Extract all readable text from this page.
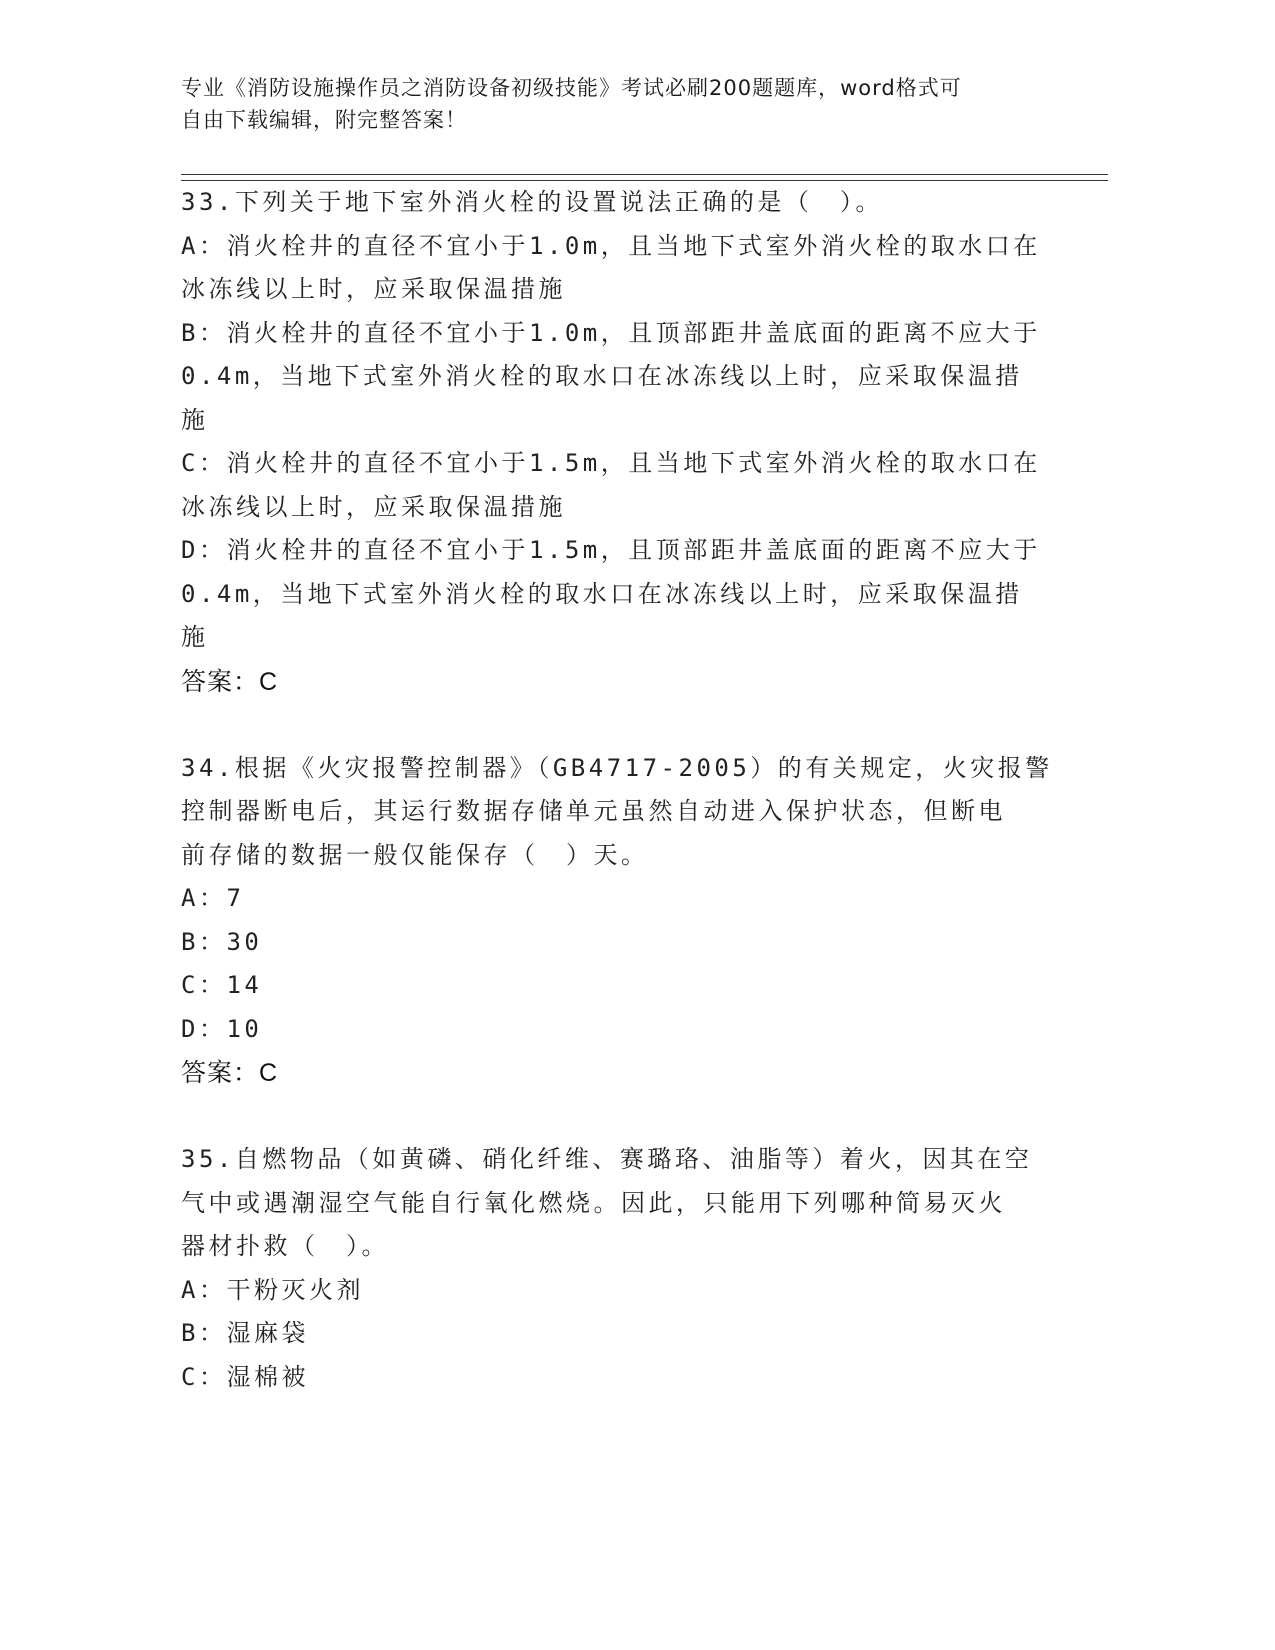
专业《消防设施操作员之消防设备初级技能》考试必刷200题题库，word格式可
自由下载编辑，附完整答案！
33.下列关于地下室外消火栓的设置说法正确的是（　）。
A：消火栓井的直径不宜小于1.0m，且当地下式室外消火栓的取水口在
冰冻线以上时，应采取保温措施
B：消火栓井的直径不宜小于1.0m，且顶部距井盖底面的距离不应大于
0.4m，当地下式室外消火栓的取水口在冰冻线以上时，应采取保温措
施
C：消火栓井的直径不宜小于1.5m，且当地下式室外消火栓的取水口在
冰冻线以上时，应采取保温措施
D：消火栓井的直径不宜小于1.5m，且顶部距井盖底面的距离不应大于
0.4m，当地下式室外消火栓的取水口在冰冻线以上时，应采取保温措
施
答案：C
34.根据《火灾报警控制器》（GB4717-2005）的有关规定，火灾报警
控制器断电后，其运行数据存储单元虽然自动进入保护状态，但断电
前存储的数据一般仅能保存（　）天。
A：7
B：30
C：14
D：10
答案：C
35.自燃物品（如黄磷、硝化纤维、赛璐珞、油脂等）着火，因其在空
气中或遇潮湿空气能自行氧化燃烧。因此，只能用下列哪种简易灭火
器材扑救（　）。
A：干粉灭火剂
B：湿麻袋
C：湿棉被
